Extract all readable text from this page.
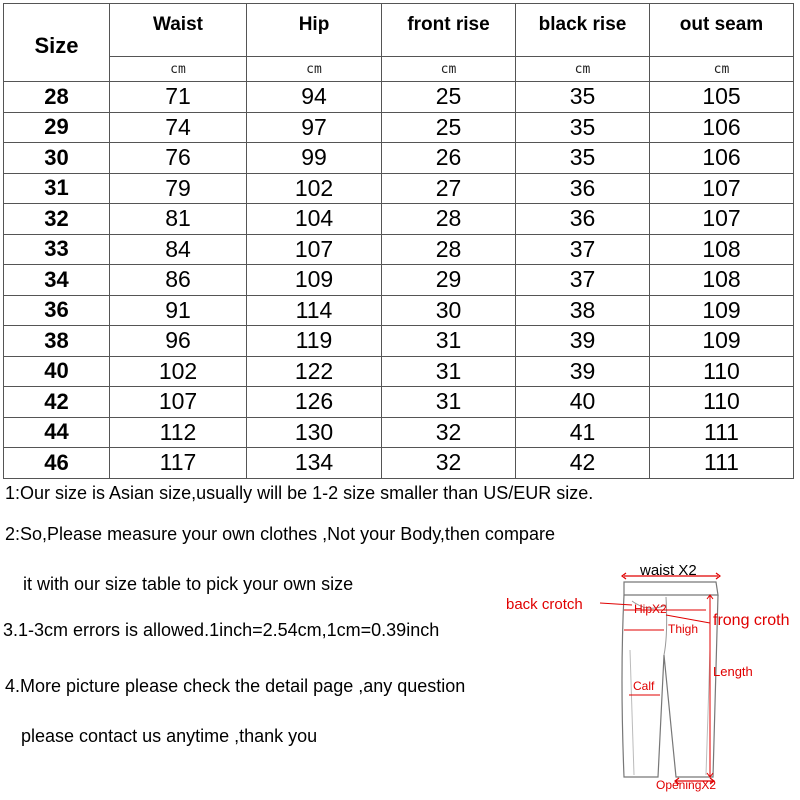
Size	Waist	Hip	front rise	black rise	out seam
	cm	cm	cm	cm	cm
28	71	94	25	35	105
29	74	97	25	35	106
30	76	99	26	35	106
31	79	102	27	36	107
32	81	104	28	36	107
33	84	107	28	37	108
34	86	109	29	37	108
36	91	114	30	38	109
38	96	119	31	39	109
40	102	122	31	39	110
42	107	126	31	40	110
44	112	130	32	41	111
46	117	134	32	42	111
1:Our size is Asian size,usually will be 1-2 size smaller than US/EUR size.
2:So,Please measure your own clothes ,Not your Body,then compare
it with our size table to pick your own size
3.1-3cm errors is allowed.1inch=2.54cm,1cm=0.39inch
4.More picture please check the detail page ,any question
please contact us anytime ,thank you
waist X2
back crotch	HipX2
Thigh frong croth
Length
Calf
OpeningX2
